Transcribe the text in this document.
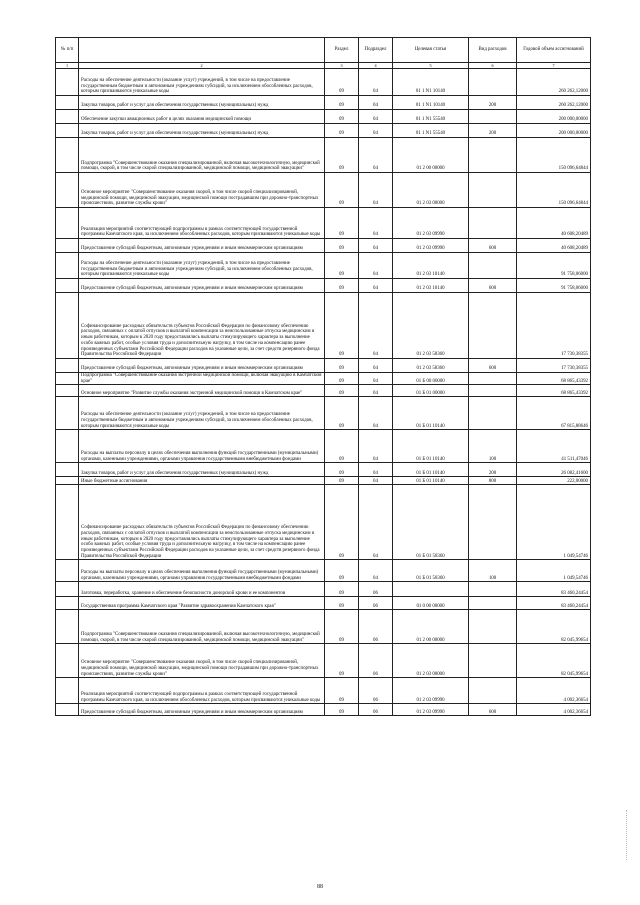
№ п/п		Раздел	Подраздел	Целевая статья	Вид расходов	Годовой объем ассигнований
1	2	3	4	5	6	7
	Расходы на обеспечение деятельности (оказание услуг) учреждений, в том числе на предоставление государственным бюджетным и автономным учреждениям субсидий, за исключением обособленных расходов, которым присваиваются уникальные коды	09	04	01 1 N1 10140		260 262,12000
	Закупка товаров, работ и услуг для обеспечения государственных (муниципальных) нужд	09	04	01 1 N1 10140	200	260 262,12000
	Обеспечение закупки авиационных работ в целях оказания медицинской помощи	09	04	01 1 N1 55540		200 000,00000
	Закупка товаров, работ и услуг для обеспечения государственных (муниципальных) нужд	09	04	01 1 N1 55540	200	200 000,00000
	Подпрограмма "Совершенствование оказания специализированной, включая высокотехнологичную, медицинской помощи, скорой, в том числе скорой специализированной, медицинской помощи, медицинской эвакуации"	09	04	01 2 00 00000		150 096,64844
	Основное мероприятие "Совершенствование оказания скорой, в том числе скорой специализированной, медицинской помощи, медицинской эвакуации, медицинской помощи пострадавшим при дорожно-транспортных происшествиях, развитие службы крови"	09	04	01 2 03 00000		150 096,64844
	Реализация мероприятий соответствующей подпрограммы в рамках соответствующей государственной программы Камчатского края, за исключением обособленных расходов, которым присваиваются уникальные коды	09	04	01 2 03 09990		40 608,20489
	Предоставление субсидий бюджетным, автономным учреждениям и иным некоммерческим организациям	09	04	01 2 03 09990	600	40 608,20489
	Расходы на обеспечение деятельности (оказание услуг) учреждений, в том числе на предоставление государственным бюджетным и автономным учреждениям субсидий, за исключением обособленных расходов, которым присваиваются уникальные коды	09	04	01 2 03 10140		91 758,06000
	Предоставление субсидий бюджетным, автономным учреждениям и иным некоммерческим организациям	09	04	01 2 03 10140	600	91 758,06000
	Софинансирование расходных обязательств субъектов Российской Федерации по финансовому обеспечению расходов, связанных с оплатой отпусков и выплатой компенсации за неиспользованные отпуска медицинским и иным работникам, которым в 2020 году предоставлялись выплаты стимулирующего характера за выполнение особо важных работ, особые условия труда и дополнительную нагрузку, в том числе на компенсацию ранее произведенных субъектами Российской Федерации расходов на указанные цели, за счет средств резервного фонда Правительства Российской Федерации	09	04	01 2 03 58360		17 730,38355
	Предоставление субсидий бюджетным, автономным учреждениям и иным некоммерческим организациям	09	04	01 2 03 58360	600	17 730,38355
	Подпрограмма "Совершенствование оказания экстренной медицинской помощи, включая эвакуацию в Камчатском крае"	09	04	01 Б 00 00000		68 865,43392
	Основное мероприятие "Развитие службы оказания экстренной медицинской помощи в Камчатском крае"	09	04	01 Б 01 00000		68 865,43392
	Расходы на обеспечение деятельности (оказание услуг) учреждений, в том числе на предоставление государственным бюджетным и автономным учреждениям субсидий, за исключением обособленных расходов, которым присваиваются уникальные коды	09	04	01 Б 01 10140		67 815,88646
	Расходы на выплаты персоналу в целях обеспечения выполнения функций государственными (муниципальными) органами, казенными учреждениями, органами управления государственными внебюджетными фондами	09	04	01 Б 01 10140	100	41 511,47046
	Закупка товаров, работ и услуг для обеспечения государственных (муниципальных) нужд	09	04	01 Б 01 10140	200	26 082,41600
	Иные бюджетные ассигнования	09	04	01 Б 01 10140	800	222,00000
	Софинансирование расходных обязательств субъектов Российской Федерации по финансовому обеспечению расходов, связанных с оплатой отпусков и выплатой компенсации за неиспользованные отпуска медицинским и иным работникам, которым в 2020 году предоставлялись выплаты стимулирующего характера за выполнение особо важных работ, особые условия труда и дополнительную нагрузку, в том числе на компенсацию ранее произведенных субъектами Российской Федерации расходов на указанные цели, за счет средств резервного фонда Правительства Российской Федерации	09	04	01 Б 01 58360		1 049,54746
	Расходы на выплаты персоналу в целях обеспечения выполнения функций государственными (муниципальными) органами, казенными учреждениями, органами управления государственными внебюджетными фондами	09	04	01 Б 01 58360	100	1 049,54746
	Заготовка, переработка, хранение и обеспечение безопасности донорской крови и ее компонентов	09	06			83 460,24454
	Государственная программа Камчатского края "Развитие здравоохранения Камчатского края"	09	06	01 0 00 00000		83 460,24454
	Подпрограмма "Совершенствование оказания специализированной, включая высокотехнологичную, медицинской помощи, скорой, в том числе скорой специализированной, медицинской помощи, медицинской эвакуации"	09	06	01 2 00 00000		82 045,99654
	Основное мероприятие "Совершенствование оказания скорой, в том числе скорой специализированной, медицинской помощи, медицинской эвакуации, медицинской помощи пострадавшим при дорожно-транспортных происшествиях, развитие службы крови"	09	06	01 2 03 00000		82 045,99654
	Реализация мероприятий соответствующей подпрограммы в рамках соответствующей государственной программы Камчатского края, за исключением обособленных расходов, которым присваиваются уникальные коды	09	06	01 2 03 09990		4 002,36654
	Предоставление субсидий бюджетным, автономным учреждениям и иным некоммерческим организациям	09	06	01 2 03 09990	600	4 002,36654
88
